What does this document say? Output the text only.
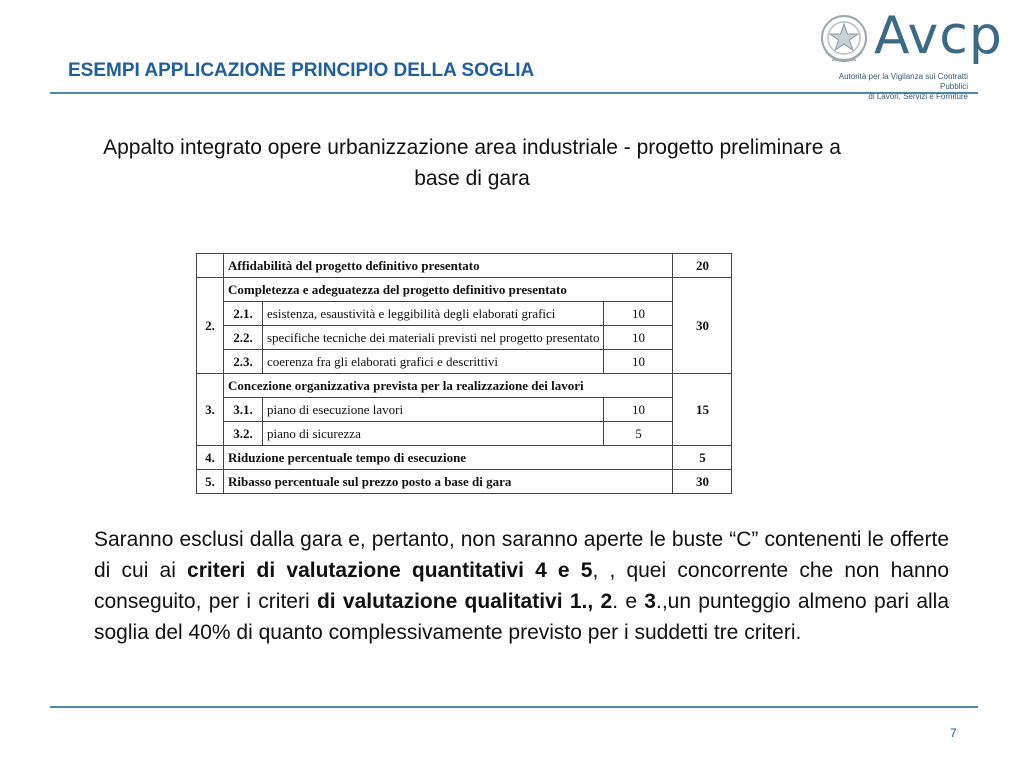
ESEMPI APPLICAZIONE PRINCIPIO DELLA SOGLIA
Avcp
Autorità per la Vigilanza sui Contratti Pubblici
di Lavori, Servizi e Forniture
Appalto integrato opere urbanizzazione area industriale - progetto preliminare a base di gara
	Affidabilità del progetto definitivo presentato			20
2.	Completezza e adeguatezza del progetto definitivo presentato			30
	2.1.	esistenza, esaustività e leggibilità degli elaborati grafici	10	
	2.2.	specifiche tecniche dei materiali previsti nel progetto presentato	10	
	2.3.	coerenza fra gli elaborati grafici e descrittivi	10	
3.	Concezione organizzativa prevista per la realizzazione dei lavori			15
	3.1.	piano di esecuzione lavori	10	
	3.2.	piano di sicurezza	5	
4.	Riduzione percentuale tempo di esecuzione			5
5.	Ribasso percentuale sul prezzo posto a base di gara			30
Saranno esclusi dalla gara e, pertanto, non saranno aperte le buste “C” contenenti le offerte di cui ai criteri di valutazione quantitativi 4 e 5, , quei concorrente che non hanno conseguito, per i criteri di valutazione qualitativi 1., 2. e 3.,un punteggio almeno pari alla soglia del 40% di quanto complessivamente previsto per i suddetti tre criteri.
7
